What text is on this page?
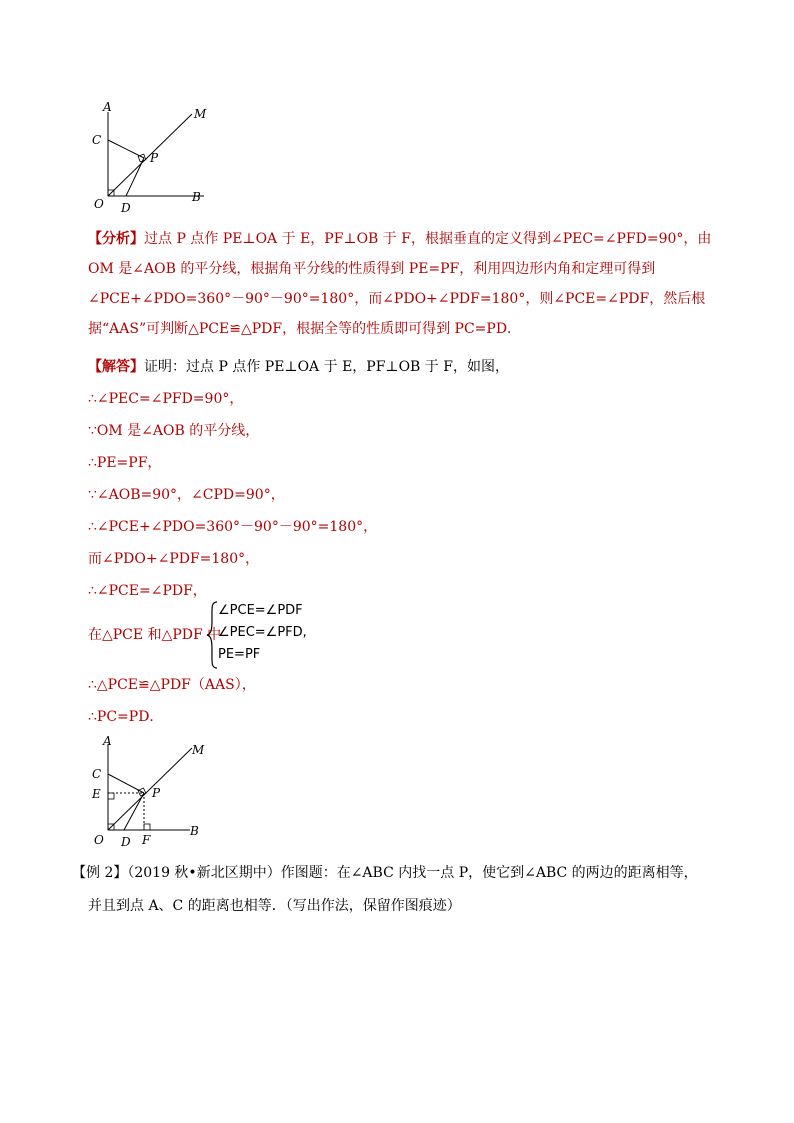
A	M
C
P
O	B
D
【分析】过点 P 点作 PE⊥OA 于 E，PF⊥OB 于 F，根据垂直的定义得到∠PEC=∠PFD=90°，由 OM 是∠AOB 的平分线，根据角平分线的性质得到 PE=PF，利用四边形内角和定理可得到∠PCE+∠PDO=360°－90°－90°=180°，而∠PDO+∠PDF=180°，则∠PCE=∠PDF，然后根据“AAS”可判断△PCE≌△PDF，根据全等的性质即可得到 PC=PD．
【解答】证明：过点 P 点作 PE⊥OA 于 E，PF⊥OB 于 F，如图，
∴∠PEC=∠PFD=90°，
∵OM 是∠AOB 的平分线，
∴PE=PF，
∵∠AOB=90°，∠CPD=90°，
∴∠PCE+∠PDO=360°－90°－90°=180°，
而∠PDO+∠PDF=180°，
∴∠PCE=∠PDF，
在△PCE 和△PDF 中
∠PCE=∠PDF
∠PEC=∠PFD,
PE=PF
∴△PCE≌△PDF（AAS），
∴PC=PD．
A
M
C
E	P
O D F
B
【例 2】（2019 秋•新北区期中）作图题：在∠ABC 内找一点 P，使它到∠ABC 的两边的距离相等，
并且到点 A、C 的距离也相等．（写出作法，保留作图痕迹）
